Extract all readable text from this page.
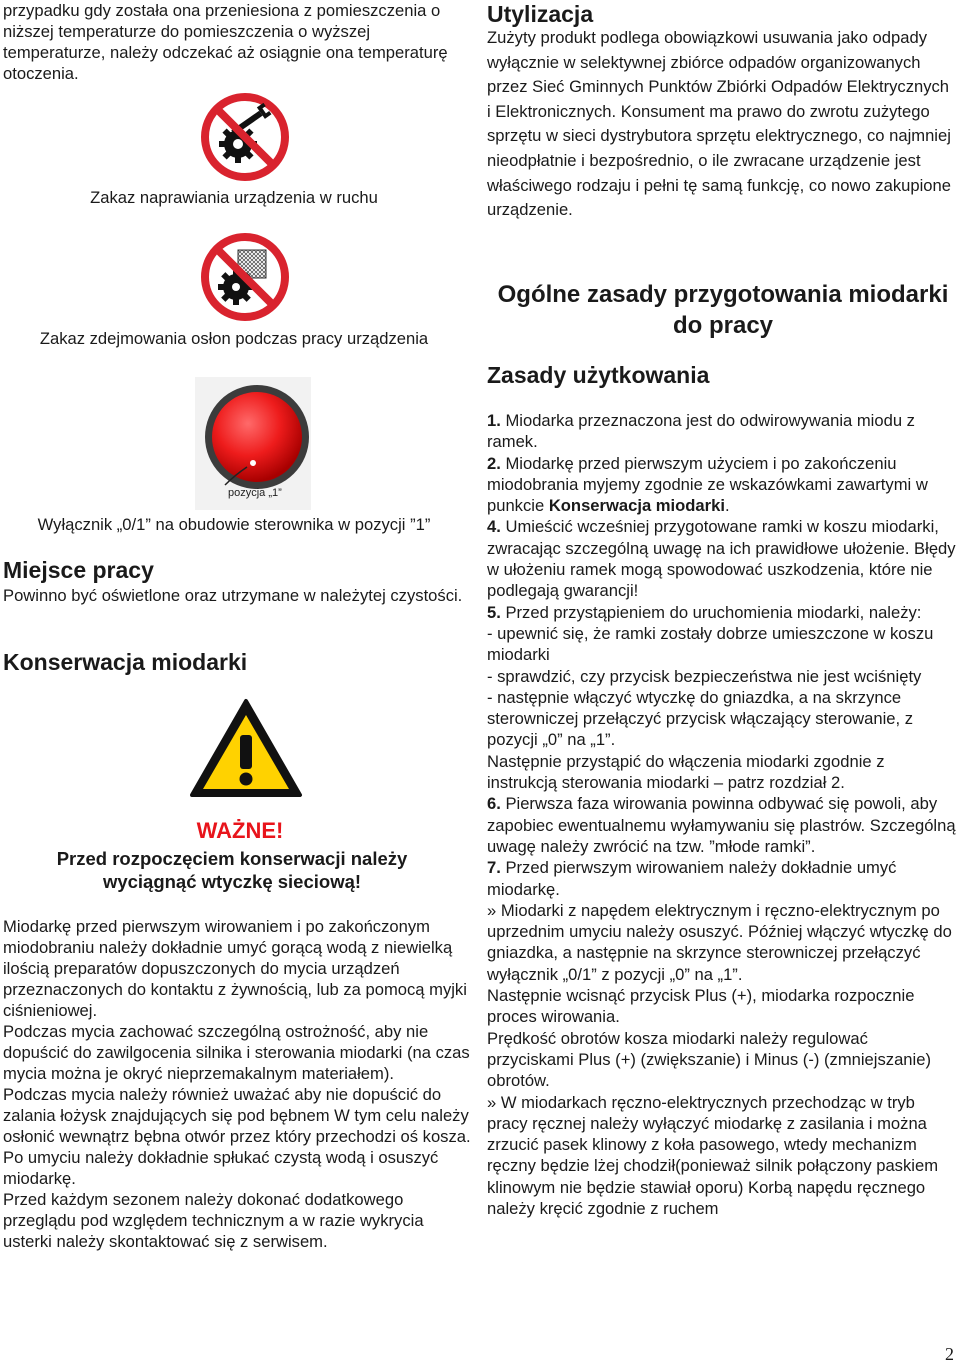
przypadku gdy została ona przeniesiona z pomieszczenia o niższej temperaturze do pomieszczenia o wyższej temperaturze, należy odczekać aż osiągnie ona temperaturę otoczenia.

Zakaz naprawiania urządzenia w ruchu

Zakaz zdejmowania osłon podczas pracy urządzenia

pozycja „1”

Wyłącznik „0/1” na obudowie sterownika w pozycji ”1”

Miejsce pracy

Powinno być oświetlone oraz utrzymane w należytej czystości.

Konserwacja miodarki
WAŻNE!
Przed rozpoczęciem konserwacji należy wyciągnąć wtyczkę sieciową!

Miodarkę przed pierwszym wirowaniem i po zakończonym miodobraniu należy dokładnie umyć gorącą wodą z niewielką ilością preparatów dopuszczonych do mycia urządzeń przeznaczonych do kontaktu z żywnością, lub za pomocą myjki ciśnieniowej.

Podczas mycia zachować szczególną ostrożność, aby nie dopuścić do zawilgocenia silnika i sterowania miodarki (na czas mycia można je okryć nieprzemakalnym materiałem).

Podczas mycia należy również uważać aby nie dopuścić do zalania łożysk znajdujących się pod bębnem W tym celu należy osłonić wewnątrz bębna otwór przez który przechodzi oś kosza.

Po umyciu należy dokładnie spłukać czystą wodą i osuszyć miodarkę.

Przed każdym sezonem należy dokonać dodatkowego przeglądu pod względem technicznym a w razie wykrycia usterki należy skontaktować się z serwisem.

Utylizacja

Zużyty produkt podlega obowiązkowi usuwania jako odpady wyłącznie w selektywnej zbiórce odpadów organizowanych przez Sieć Gminnych Punktów Zbiórki Odpadów Elektrycznych i Elektronicznych. Konsument ma prawo do zwrotu zużytego sprzętu w sieci dystrybutora sprzętu elektrycznego, co najmniej nieodpłatnie i bezpośrednio, o ile zwracane urządzenie jest właściwego rodzaju i pełni tę samą funkcję, co nowo zakupione urządzenie.

Ogólne zasady przygotowania miodarki do pracy
Zasady użytkowania

1. Miodarka przeznaczona jest do odwirowywania miodu z ramek.

2. Miodarkę przed pierwszym użyciem i po zakończeniu miodobrania myjemy zgodnie ze wskazówkami zawartymi w punkcie Konserwacja miodarki.

4. Umieścić wcześniej przygotowane ramki w koszu miodarki, zwracając szczególną uwagę na ich prawidłowe ułożenie. Błędy w ułożeniu ramek mogą spowodować uszkodzenia, które nie podlegają gwarancji!

5. Przed przystąpieniem do uruchomienia miodarki, należy:

- upewnić się, że ramki zostały dobrze umieszczone w koszu miodarki

- sprawdzić, czy przycisk bezpieczeństwa nie jest wciśnięty

- następnie włączyć wtyczkę do gniazdka, a na skrzynce sterowniczej przełączyć przycisk włączający sterowanie, z pozycji „0” na „1”.

Następnie przystąpić do włączenia miodarki zgodnie z instrukcją sterowania miodarki – patrz rozdział 2.

6. Pierwsza faza wirowania powinna odbywać się powoli, aby zapobiec ewentualnemu wyłamywaniu się plastrów. Szczególną uwagę należy zwrócić na tzw. ”młode ramki”.

7. Przed pierwszym wirowaniem należy dokładnie umyć miodarkę.

» Miodarki z napędem elektrycznym i ręczno-elektrycznym po uprzednim umyciu należy osuszyć. Później włączyć wtyczkę do gniazdka, a następnie na skrzynce sterowniczej przełączyć wyłącznik „0/1” z pozycji „0” na „1”.

Następnie wcisnąć przycisk Plus (+), miodarka rozpocznie proces wirowania.

Prędkość obrotów kosza miodarki należy regulować przyciskami Plus (+) (zwiększanie) i Minus (-) (zmniejszanie) obrotów.

» W miodarkach ręczno-elektrycznych przechodząc w tryb pracy ręcznej należy wyłączyć miodarkę z zasilania i można zrzucić pasek klinowy z koła pasowego, wtedy mechanizm ręczny będzie lżej chodził(ponieważ silnik połączony paskiem klinowym nie będzie stawiał oporu) Korbą napędu ręcznego należy kręcić zgodnie z ruchem

2
